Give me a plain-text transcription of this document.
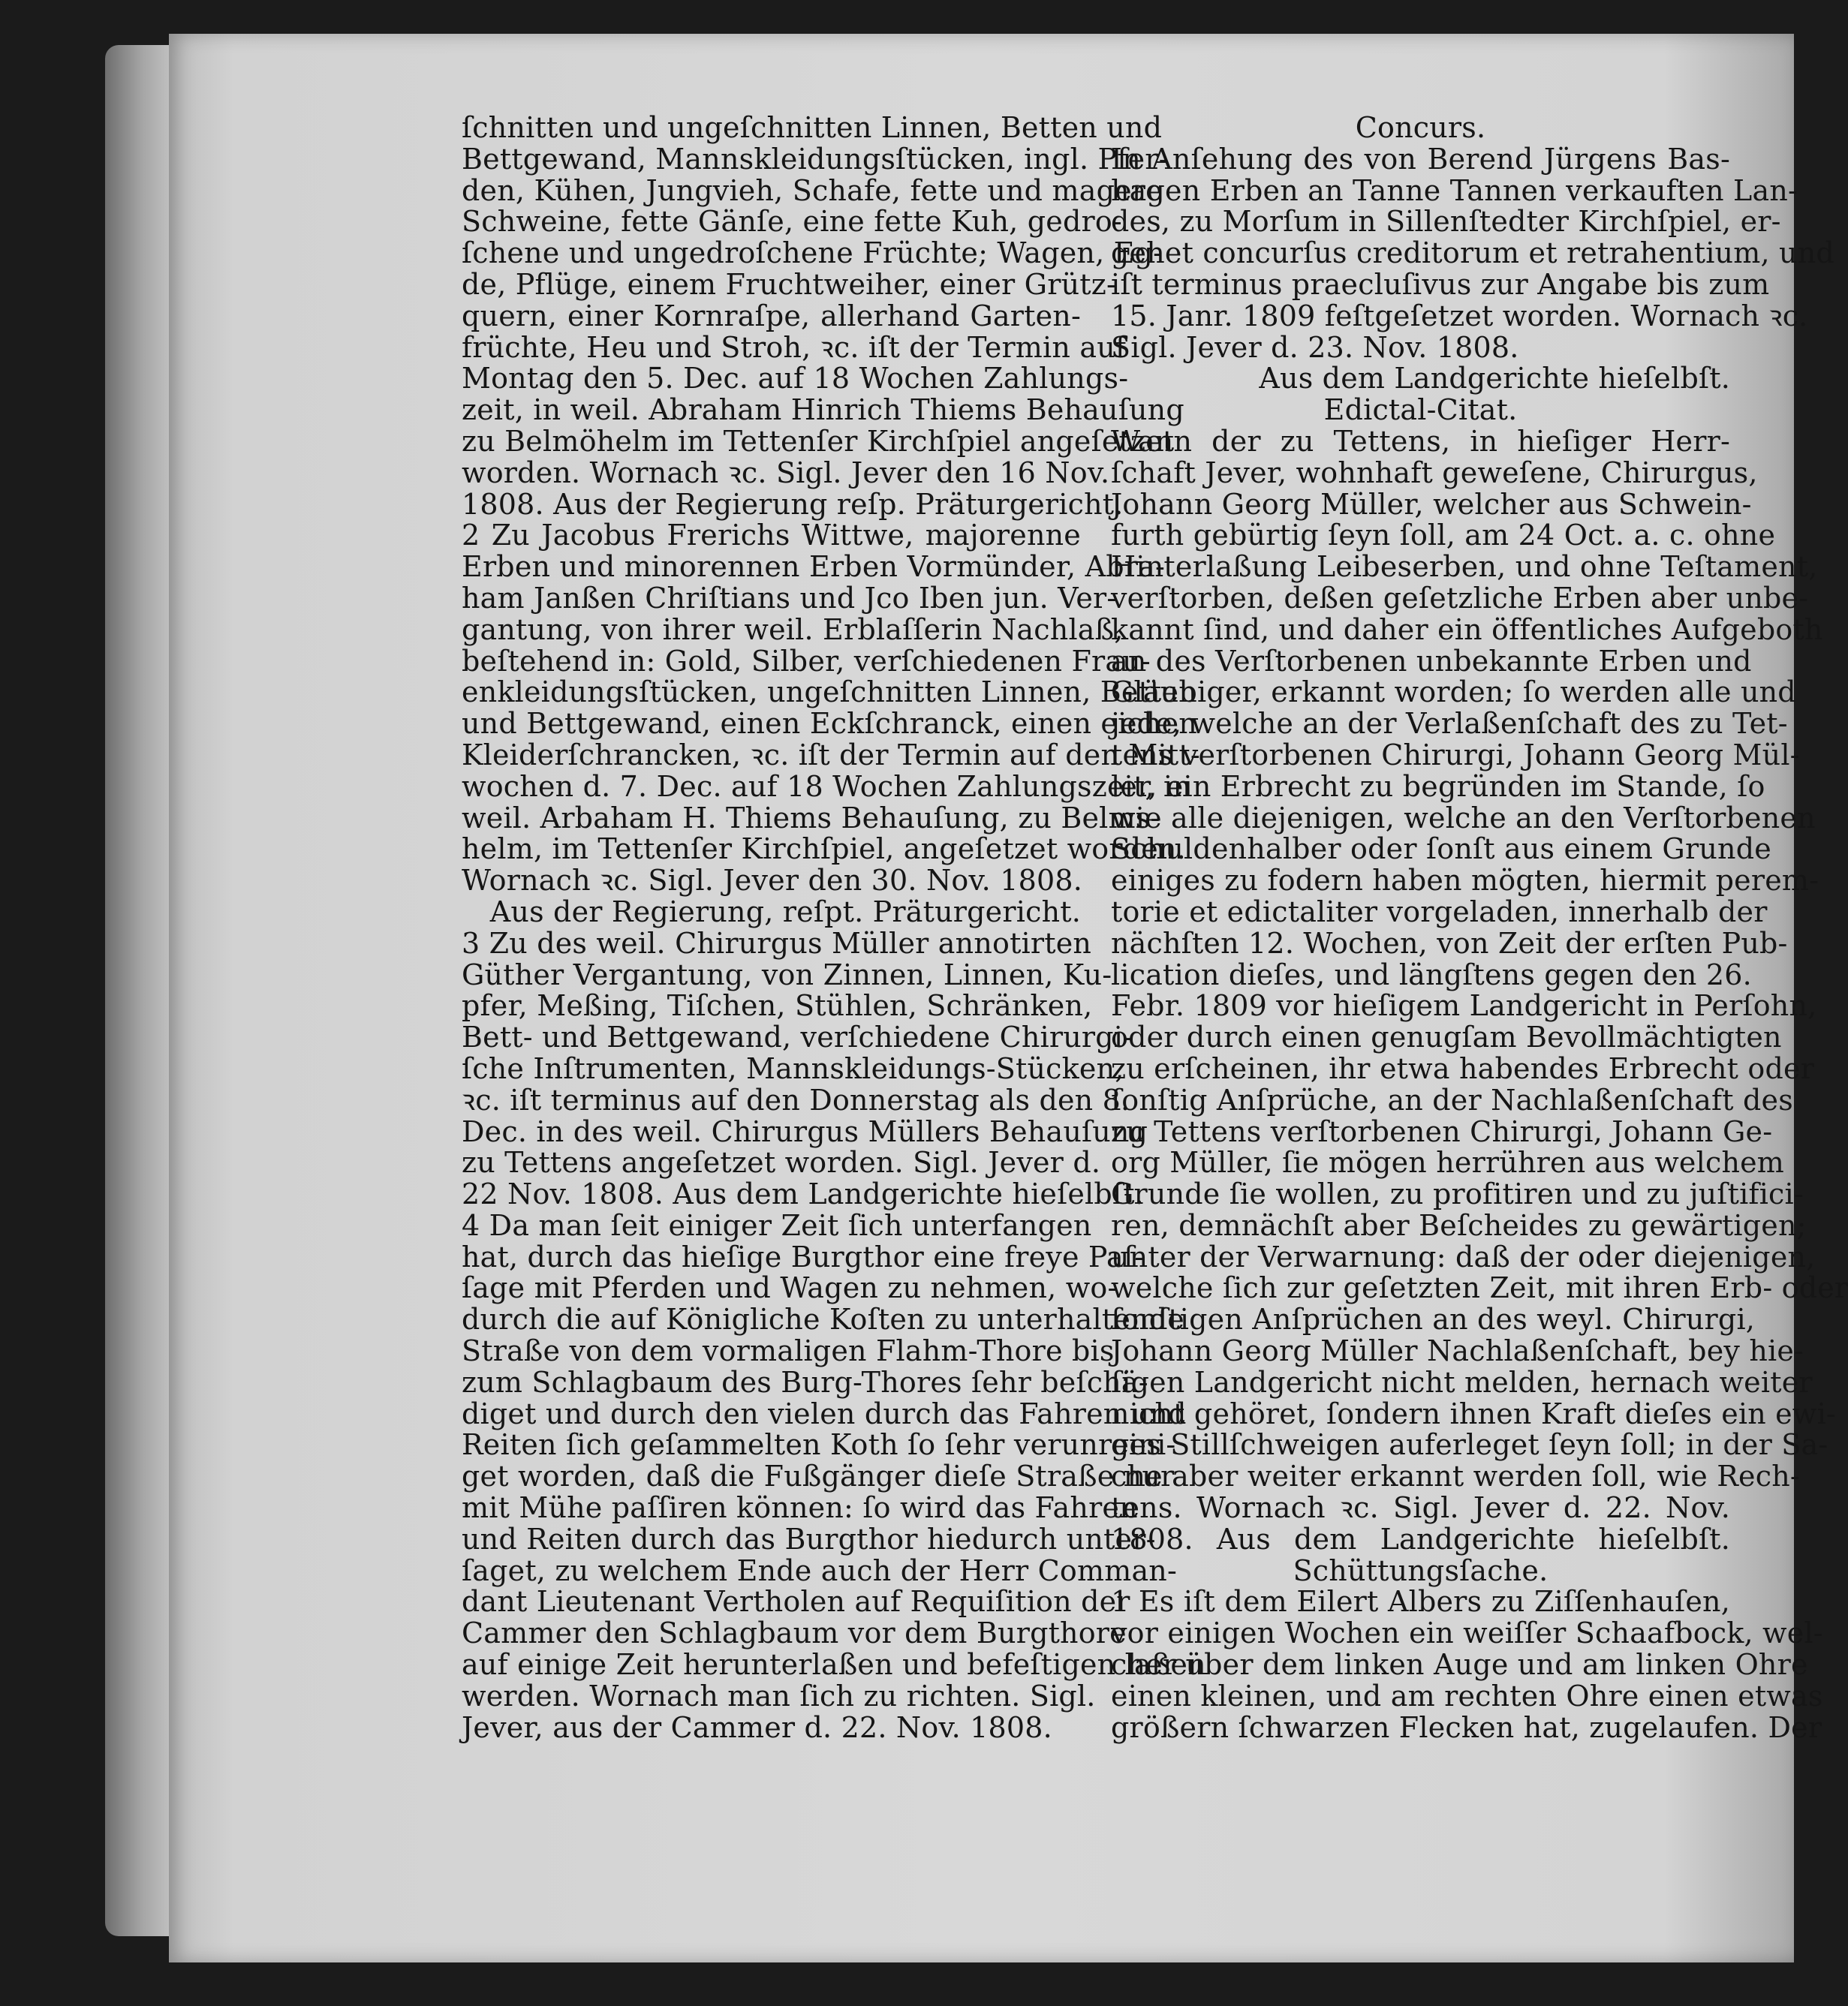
ſchnitten und ungeſchnitten Linnen, Betten und
Bettgewand, Mannskleidungsſtücken, ingl. Pfer-
den, Kühen, Jungvieh, Schafe, fette und magere
Schweine, fette Gänſe, eine fette Kuh, gedro-
ſchene und ungedroſchene Früchte; Wagen, Eg-
de, Pflüge, einem Fruchtweiher, einer Grütz-
quern, einer Kornraſpe, allerhand Garten-
früchte, Heu und Stroh, ꝛc. iſt der Termin auf
Montag den 5. Dec. auf 18 Wochen Zahlungs-
zeit, in weil. Abraham Hinrich Thiems Behauſung
zu Belmöhelm im Tettenſer Kirchſpiel angeſetzet
worden. Wornach ꝛc. Sigl. Jever den 16 Nov.
1808. Aus der Regierung reſp. Präturgericht.
2 Zu Jacobus Frerichs Wittwe, majorenne
Erben und minorennen Erben Vormünder, Abra-
ham Janßen Chriſtians und Jco Iben jun. Ver-
gantung, von ihrer weil. Erblaſſerin Nachlaß,
beſtehend in: Gold, Silber, verſchiedenen Frau-
enkleidungsſtücken, ungeſchnitten Linnen, Betten
und Bettgewand, einen Eckſchranck, einen eichen
Kleiderſchrancken, ꝛc. iſt der Termin auf den Mitt-
wochen d. 7. Dec. auf 18 Wochen Zahlungszeit, in
weil. Arbaham H. Thiems Behauſung, zu Belms-
helm, im Tettenſer Kirchſpiel, angeſetzet worden.
Wornach ꝛc. Sigl. Jever den 30. Nov. 1808.
Aus der Regierung, reſpt. Präturgericht.
3 Zu des weil. Chirurgus Müller annotirten
Güther Vergantung, von Zinnen, Linnen, Ku-
pfer, Meßing, Tiſchen, Stühlen, Schränken,
Bett- und Bettgewand, verſchiedene Chirurgi-
ſche Inſtrumenten, Mannskleidungs-Stücken,
ꝛc. iſt terminus auf den Donnerstag als den 8.
Dec. in des weil. Chirurgus Müllers Behauſung
zu Tettens angeſetzet worden. Sigl. Jever d.
22 Nov. 1808. Aus dem Landgerichte hieſelbſt.
4 Da man ſeit einiger Zeit ſich unterfangen
hat, durch das hieſige Burgthor eine freye Paſ-
ſage mit Pferden und Wagen zu nehmen, wo-
durch die auf Königliche Koſten zu unterhaltende
Straße von dem vormaligen Flahm-Thore bis
zum Schlagbaum des Burg-Thores ſehr beſchä-
diget und durch den vielen durch das Fahren und
Reiten ſich geſammelten Koth ſo ſehr verunreini-
get worden, daß die Fußgänger dieſe Straße nur
mit Mühe paſſiren können: ſo wird das Fahren
und Reiten durch das Burgthor hiedurch unter-
ſaget, zu welchem Ende auch der Herr Comman-
dant Lieutenant Vertholen auf Requiſition der
Cammer den Schlagbaum vor dem Burgthore
auf einige Zeit herunterlaßen und befeſtigen laßen
werden. Wornach man ſich zu richten. Sigl.
Jever, aus der Cammer d. 22. Nov. 1808.
Concurs.
In Anſehung des von Berend Jürgens Bas-
hagen Erben an Tanne Tannen verkauften Lan-
des, zu Morſum in Sillenſtedter Kirchſpiel, er-
gehet concurſus creditorum et retrahentium, und
iſt terminus praecluſivus zur Angabe bis zum
15. Janr. 1809 feſtgeſetzet worden. Wornach ꝛc.
Sigl. Jever d. 23. Nov. 1808.
Aus dem Landgerichte hieſelbſt.
Edictal-Citat.
Wann der zu Tettens, in hieſiger Herr-
ſchaft Jever, wohnhaft geweſene, Chirurgus,
Johann Georg Müller, welcher aus Schwein-
furth gebürtig ſeyn ſoll, am 24 Oct. a. c. ohne
Hinterlaßung Leibeserben, und ohne Teſtament,
verſtorben, deßen geſetzliche Erben aber unbe-
kannt ſind, und daher ein öffentliches Aufgeboth
an des Verſtorbenen unbekannte Erben und
Gläubiger, erkannt worden; ſo werden alle und
jede, welche an der Verlaßenſchaft des zu Tet-
tens verſtorbenen Chirurgi, Johann Georg Mül-
ler, ein Erbrecht zu begründen im Stande, ſo
wie alle diejenigen, welche an den Verſtorbenen
Schuldenhalber oder ſonſt aus einem Grunde
einiges zu fodern haben mögten, hiermit perem-
torie et edictaliter vorgeladen, innerhalb der
nächſten 12. Wochen, von Zeit der erſten Pub-
lication dieſes, und längſtens gegen den 26.
Febr. 1809 vor hieſigem Landgericht in Perſohn,
oder durch einen genugſam Bevollmächtigten
zu erſcheinen, ihr etwa habendes Erbrecht oder
ſonſtig Anſprüche, an der Nachlaßenſchaft des
zu Tettens verſtorbenen Chirurgi, Johann Ge-
org Müller, ſie mögen herrühren aus welchem
Grunde ſie wollen, zu profitiren und zu juſtifici-
ren, demnächſt aber Beſcheides zu gewärtigen;
unter der Verwarnung: daß der oder diejenigen,
welche ſich zur geſetzten Zeit, mit ihren Erb- oder
ſonſtigen Anſprüchen an des weyl. Chirurgi,
Johann Georg Müller Nachlaßenſchaft, bey hie-
ſigen Landgericht nicht melden, hernach weiter
nicht gehöret, ſondern ihnen Kraft dieſes ein ewi-
ges Stillſchweigen auferleget ſeyn ſoll; in der Sa-
che aber weiter erkannt werden ſoll, wie Rech-
tens. Wornach ꝛc. Sigl. Jever d. 22. Nov.
1808. Aus dem Landgerichte hieſelbſt.
Schüttungsſache.
1 Es iſt dem Eilert Albers zu Ziſſenhauſen,
vor einigen Wochen ein weiſſer Schaafbock, wel-
cher über dem linken Auge und am linken Ohre
einen kleinen, und am rechten Ohre einen etwas
größern ſchwarzen Flecken hat, zugelaufen. Der
